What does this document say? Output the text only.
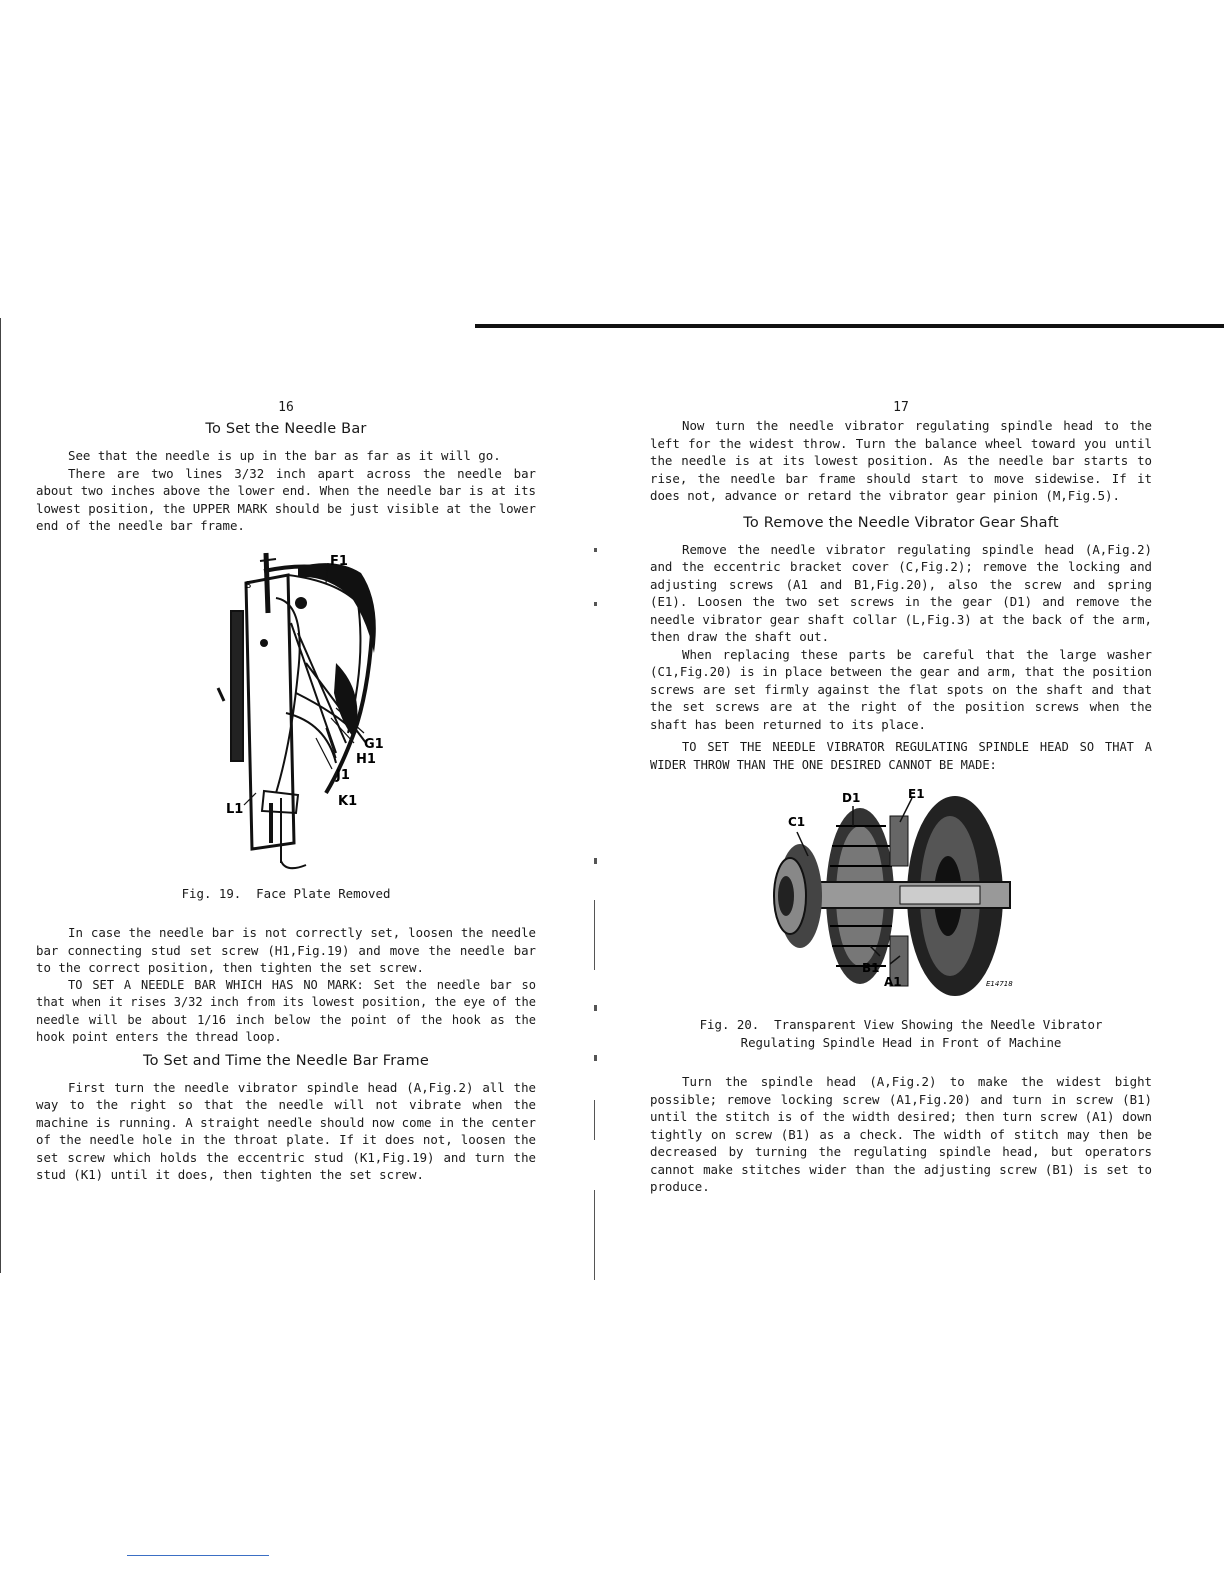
16
To Set the Needle Bar

See that the needle is up in the bar as far as it will go.

There are two lines 3/32 inch apart across the needle bar about two inches above the lower end. When the needle bar is at its lowest position, the UPPER MARK should be just visible at the lower end of the needle bar frame.

F1
S
G1
H1
J1
K1
L1
Fig. 19.  Face Plate Removed

In case the needle bar is not correctly set, loosen the needle bar connecting stud set screw (H1,Fig.19) and move the needle bar to the correct position, then tighten the set screw.

TO SET A NEEDLE BAR WHICH HAS NO MARK: Set the needle bar so that when it rises 3/32 inch from its lowest position, the eye of the needle will be about 1/16 inch below the point of the hook as the hook point enters the thread loop.

To Set and Time the Needle Bar Frame

First turn the needle vibrator spindle head (A,Fig.2) all the way to the right so that the needle will not vibrate when the machine is running. A straight needle should now come in the center of the needle hole in the throat plate. If it does not, loosen the set screw which holds the eccentric stud (K1,Fig.19) and turn the stud (K1) until it does, then tighten the set screw.

17

Now turn the needle vibrator regulating spindle head to the left for the widest throw. Turn the balance wheel toward you until the needle is at its lowest position. As the needle bar starts to rise, the needle bar frame should start to move sidewise. If it does not, advance or retard the vibrator gear pinion (M,Fig.5).

To Remove the Needle Vibrator Gear Shaft

Remove the needle vibrator regulating spindle head (A,Fig.2) and the eccentric bracket cover (C,Fig.2); remove the locking and adjusting screws (A1 and B1,Fig.20), also the screw and spring (E1). Loosen the two set screws in the gear (D1) and remove the needle vibrator gear shaft collar (L,Fig.3) at the back of the arm, then draw the shaft out.

When replacing these parts be careful that the large washer (C1,Fig.20) is in place between the gear and arm, that the position screws are set firmly against the flat spots on the shaft and that the set screws are at the right of the position screws when the shaft has been returned to its place.

TO SET THE NEEDLE VIBRATOR REGULATING SPINDLE HEAD SO THAT A WIDER THROW THAN THE ONE DESIRED CANNOT BE MADE:

D1	E1
C1
B1
A1	E14718
Fig. 20.  Transparent View Showing the Needle Vibrator
Regulating Spindle Head in Front of Machine

Turn the spindle head (A,Fig.2) to make the widest bight possible; remove locking screw (A1,Fig.20) and turn in screw (B1) until the stitch is of the width desired; then turn screw (A1) down tightly on screw (B1) as a check. The width of stitch may then be decreased by turning the regulating spindle head, but operators cannot make stitches wider than the adjusting screw (B1) is set to produce.
